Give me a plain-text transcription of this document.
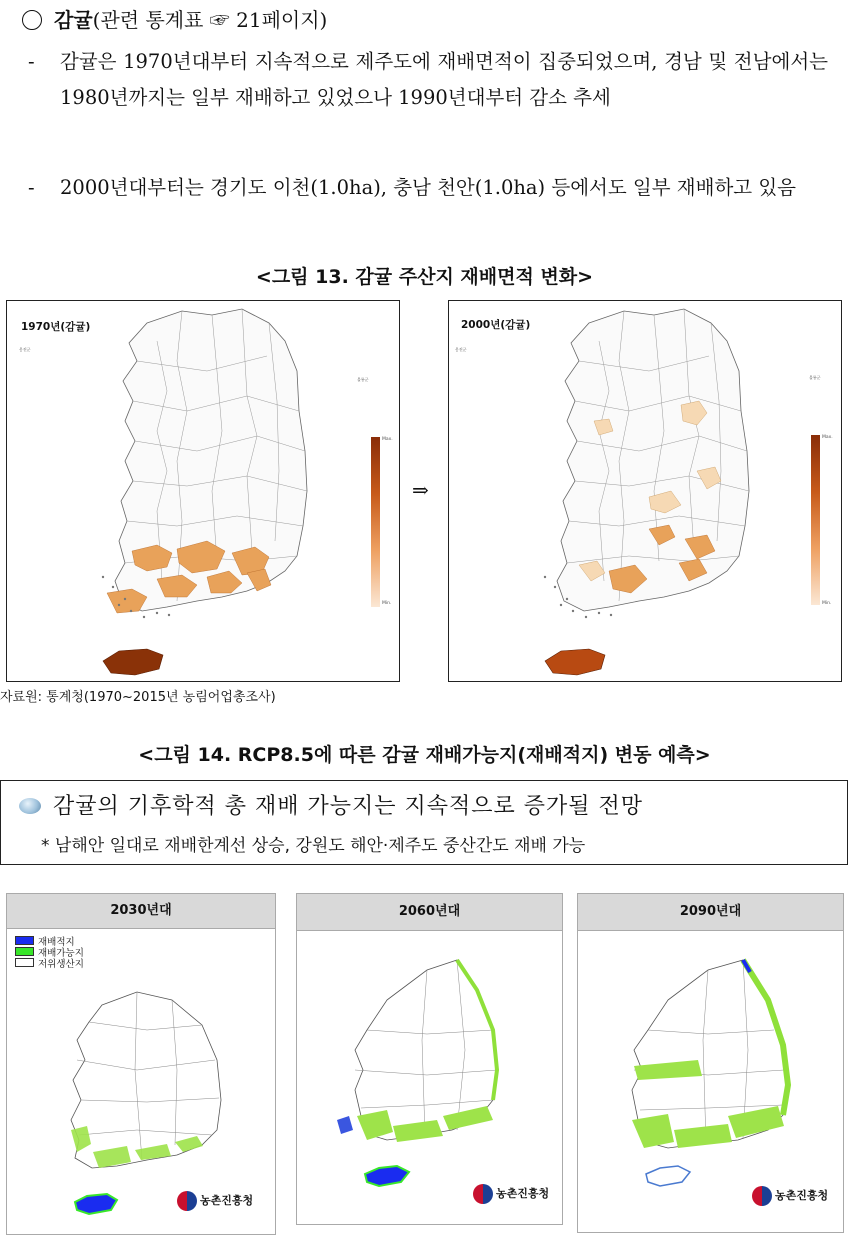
감귤(관련 통계표 ☞ 21페이지)
- 감귤은 1970년대부터 지속적으로 제주도에 재배면적이 집중되었으며, 경남 및 전남에서는 1980년까지는 일부 재배하고 있었으나 1990년대부터 감소 추세
- 2000년대부터는 경기도 이천(1.0ha), 충남 천안(1.0ha) 등에서도 일부 재배하고 있음
<그림 13. 감귤 주산지 재배면적 변화>
1970년(감귤)
옹진군
울릉군
Max.
Min.
⇒
2000년(감귤)
옹진군
울릉군
Max.
Min.
자료원: 통계청(1970~2015년 농림어업총조사)
<그림 14. RCP8.5에 따른 감귤 재배가능지(재배적지) 변동 예측>
감귤의 기후학적 총 재배 가능지는 지속적으로 증가될 전망
* 남해안 일대로 재배한계선 상승, 강원도 해안·제주도 중산간도 재배 가능
2030년대
재배적지
재배가능지
저위생산지
농촌진흥청
2060년대
농촌진흥청
2090년대
농촌진흥청
